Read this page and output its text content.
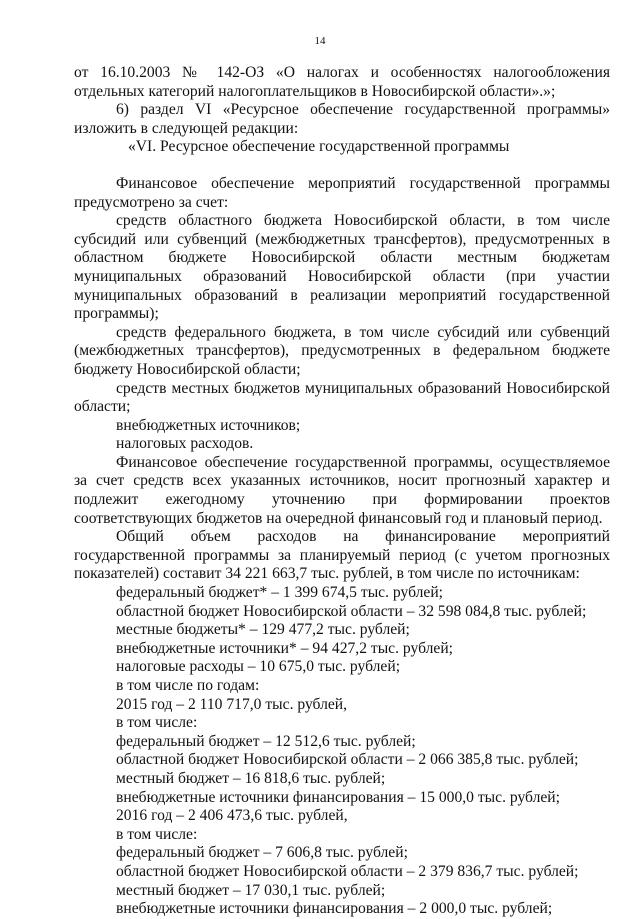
14

от 16.10.2003 № 142-ОЗ «О налогах и особенностях налогообложения отдельных категорий налогоплательщиков в Новосибирской области».»;

6) раздел VI «Ресурсное обеспечение государственной программы» изложить в следующей редакции:

«VI. Ресурсное обеспечение государственной программы

Финансовое обеспечение мероприятий государственной программы

предусмотрено за счет:

средств областного бюджета Новосибирской области, в том числе субсидий или субвенций (межбюджетных трансфертов), предусмотренных в областном бюджете Новосибирской области местным бюджетам муниципальных образований Новосибирской области (при участии муниципальных образований в реализации мероприятий государственной программы);

средств федерального бюджета, в том числе субсидий или субвенций (межбюджетных трансфертов), предусмотренных в федеральном бюджете бюджету Новосибирской области;

средств местных бюджетов муниципальных образований Новосибирской области;

внебюджетных источников;

налоговых расходов.

Финансовое обеспечение государственной программы, осуществляемое за счет средств всех указанных источников, носит прогнозный характер и подлежит ежегодному уточнению при формировании проектов соответствующих бюджетов на очередной финансовый год и плановый период.

Общий объем расходов на финансирование мероприятий государственной программы за планируемый период (с учетом прогнозных показателей) составит 34 221 663,7 тыс. рублей, в том числе по источникам:

федеральный бюджет* – 1 399 674,5 тыс. рублей;

областной бюджет Новосибирской области – 32 598 084,8 тыс. рублей;

местные бюджеты* – 129 477,2 тыс. рублей;

внебюджетные источники* – 94 427,2 тыс. рублей;

налоговые расходы – 10 675,0 тыс. рублей;

в том числе по годам:

2015 год – 2 110 717,0 тыс. рублей,

в том числе:

федеральный бюджет – 12 512,6 тыс. рублей;

областной бюджет Новосибирской области – 2 066 385,8 тыс. рублей;

местный бюджет – 16 818,6 тыс. рублей;

внебюджетные источники финансирования – 15 000,0 тыс. рублей;

2016 год – 2 406 473,6 тыс. рублей,

в том числе:

федеральный бюджет – 7 606,8 тыс. рублей;

областной бюджет Новосибирской области – 2 379 836,7 тыс. рублей;

местный бюджет – 17 030,1 тыс. рублей;

внебюджетные источники финансирования – 2 000,0 тыс. рублей;
